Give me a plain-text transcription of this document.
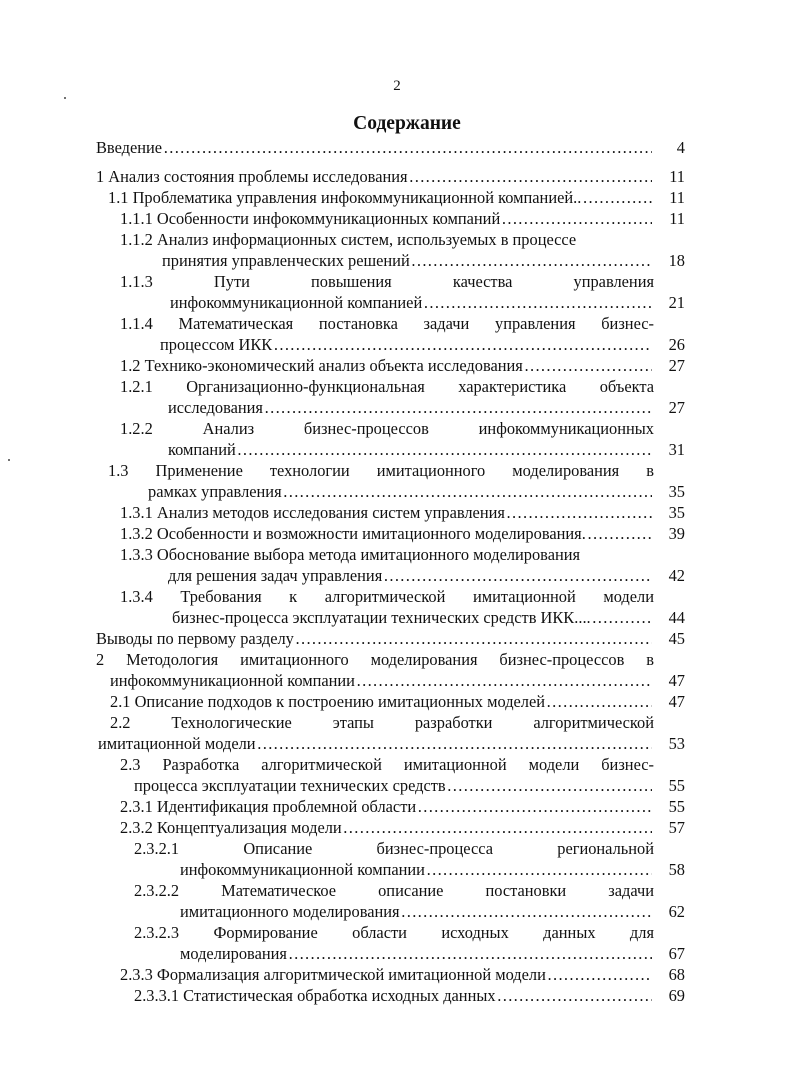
2
Содержание
Введение ………………………………………………………………………………………………………………………………………………………………………………	4
1 Анализ состояния проблемы исследования ………………………………………………………………………………………………………………………………………………………………………………	11
1.1 Проблематика управления инфокоммуникационной компанией.. ………………………………………………………………………………………………………………………………………………………………………………	11
1.1.1 Особенности инфокоммуникационных компаний ………………………………………………………………………………………………………………………………………………………………………………	11
1.1.2 Анализ информационных систем, используемых в процессе
принятия управленческих решений ………………………………………………………………………………………………………………………………………………………………………………	18
1.1.3 Пути повышения качества управления
инфокоммуникационной компанией ………………………………………………………………………………………………………………………………………………………………………………	21
1.1.4 Математическая постановка задачи управления бизнес-
процессом ИКК ………………………………………………………………………………………………………………………………………………………………………………	26
1.2 Технико-экономический анализ объекта исследования ………………………………………………………………………………………………………………………………………………………………………………	27
1.2.1 Организационно-функциональная характеристика объекта
исследования ………………………………………………………………………………………………………………………………………………………………………………	27
1.2.2 Анализ бизнес-процессов инфокоммуникационных
компаний ………………………………………………………………………………………………………………………………………………………………………………	31
1.3 Применение технологии имитационного моделирования в
рамках управления ………………………………………………………………………………………………………………………………………………………………………………	35
1.3.1 Анализ методов исследования систем управления ………………………………………………………………………………………………………………………………………………………………………………	35
1.3.2 Особенности и возможности имитационного моделирования. ………………………………………………………………………………………………………………………………………………………………………………	39
1.3.3 Обоснование выбора метода имитационного моделирования
для решения задач управления ………………………………………………………………………………………………………………………………………………………………………………	42
1.3.4 Требования к алгоритмической имитационной модели
бизнес-процесса эксплуатации технических средств ИКК.... ………………………………………………………………………………………………………………………………………………………………………………	44
Выводы по первому разделу ………………………………………………………………………………………………………………………………………………………………………………	45
2 Методология имитационного моделирования бизнес-процессов в
инфокоммуникационной компании ………………………………………………………………………………………………………………………………………………………………………………	47
2.1 Описание подходов к построению имитационных моделей ………………………………………………………………………………………………………………………………………………………………………………	47
2.2 Технологические этапы разработки алгоритмической
имитационной модели ………………………………………………………………………………………………………………………………………………………………………………	53
2.3 Разработка алгоритмической имитационной модели бизнес-
процесса эксплуатации технических средств ………………………………………………………………………………………………………………………………………………………………………………	55
2.3.1 Идентификация проблемной области ………………………………………………………………………………………………………………………………………………………………………………	55
2.3.2 Концептуализация модели ………………………………………………………………………………………………………………………………………………………………………………	57
2.3.2.1 Описание бизнес-процесса региональной
инфокоммуникационной компании ………………………………………………………………………………………………………………………………………………………………………………	58
2.3.2.2 Математическое описание постановки задачи
имитационного моделирования ………………………………………………………………………………………………………………………………………………………………………………	62
2.3.2.3 Формирование области исходных данных для
моделирования ………………………………………………………………………………………………………………………………………………………………………………	67
2.3.3 Формализация алгоритмической имитационной модели ………………………………………………………………………………………………………………………………………………………………………………	68
2.3.3.1 Статистическая обработка исходных данных ………………………………………………………………………………………………………………………………………………………………………………	69
